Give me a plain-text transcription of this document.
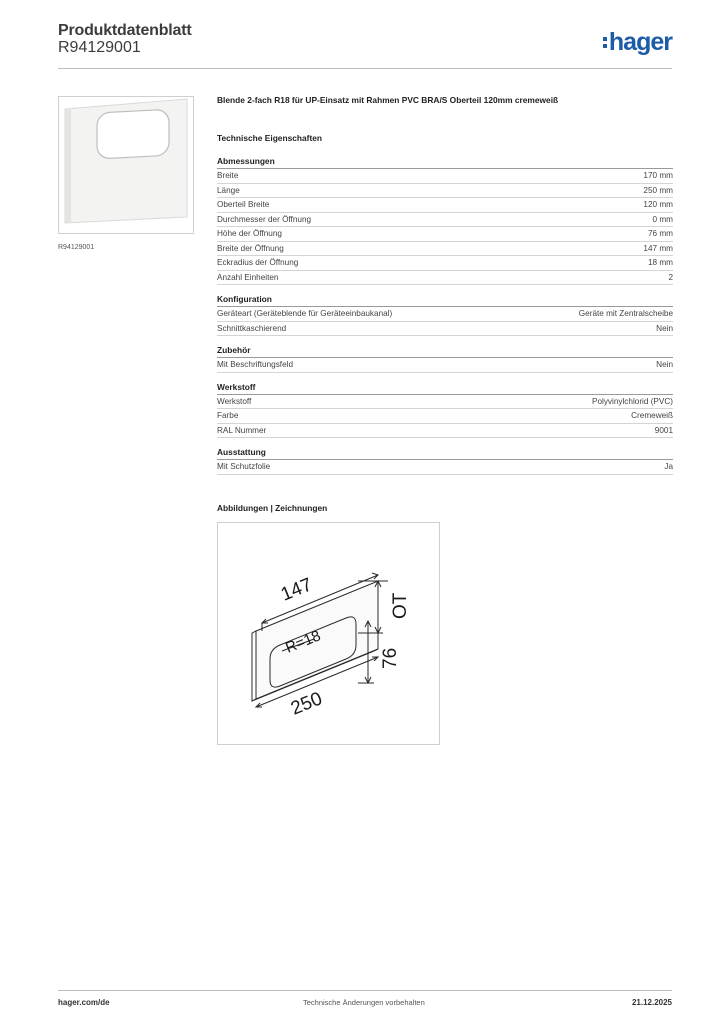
Produktdatenblatt
R94129001	hager
R94129001
Blende 2-fach R18 für UP-Einsatz mit Rahmen PVC BRA/S Oberteil 120mm cremeweiß
Technische Eigenschaften
Abmessungen
Breite	170 mm
Länge	250 mm
Oberteil Breite	120 mm
Durchmesser der Öffnung	0 mm
Höhe der Öffnung	76 mm
Breite der Öffnung	147 mm
Eckradius der Öffnung	18 mm
Anzahl Einheiten	2
Konfiguration
Geräteart (Geräteblende für Geräteeinbaukanal)	Geräte mit Zentralscheibe
Schnittkaschierend	Nein
Zubehör
Mit Beschriftungsfeld	Nein
Werkstoff
Werkstoff	Polyvinylchlorid (PVC)
Farbe	Cremeweiß
RAL Nummer	9001
Ausstattung
Mit Schutzfolie	Ja
Abbildungen | Zeichnungen
147
250
R=18
OT
76
hager.com/de	Technische Änderungen vorbehalten	21.12.2025
